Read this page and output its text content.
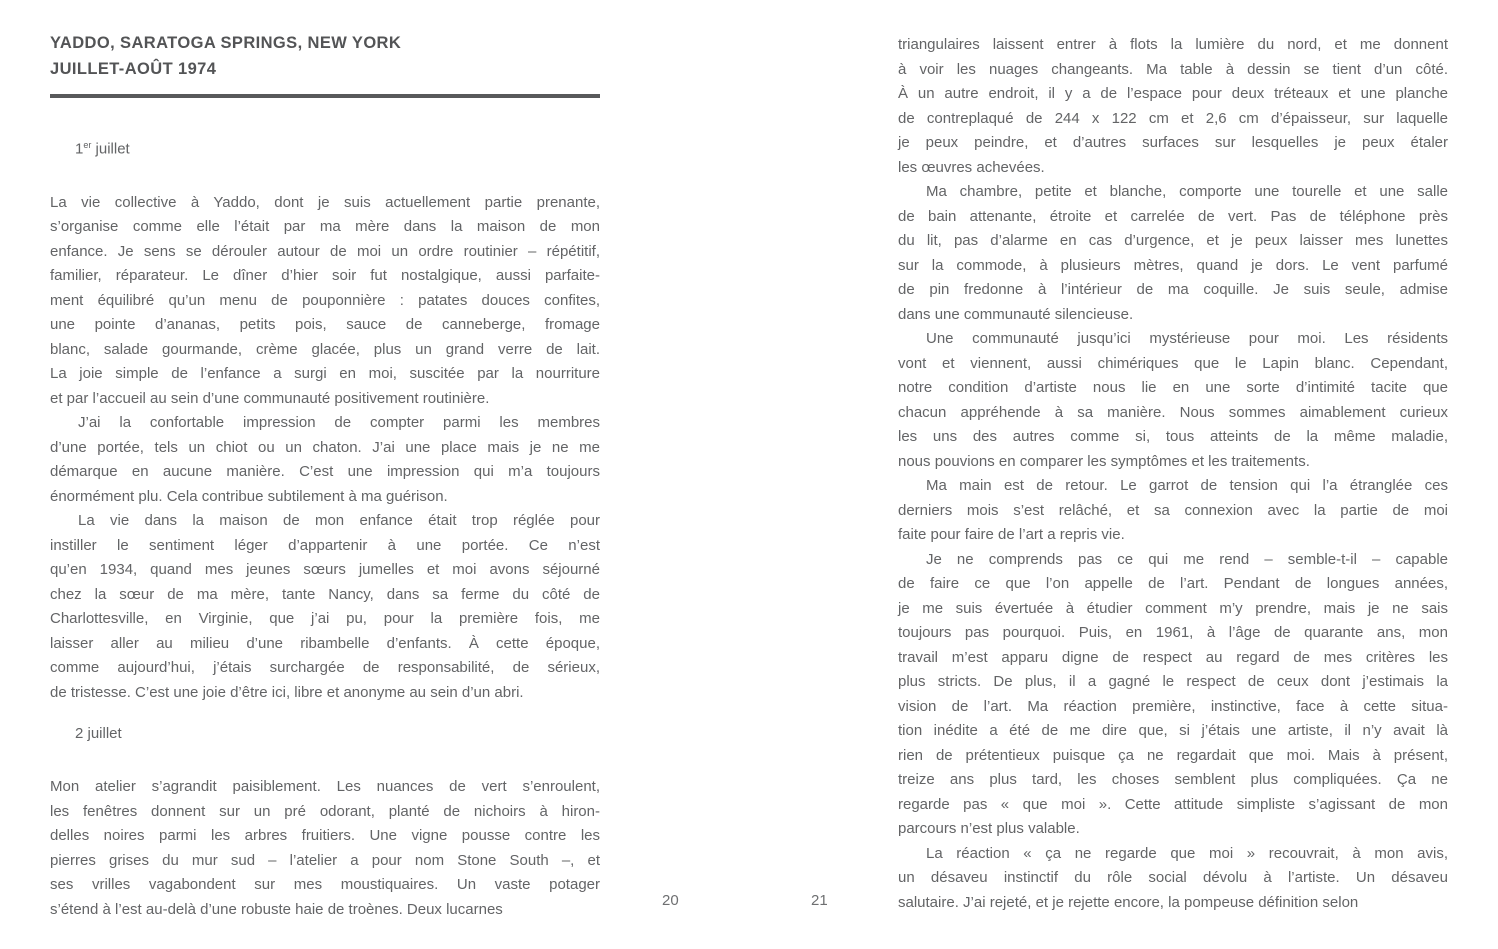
YADDO, SARATOGA SPRINGS, NEW YORK
JUILLET-AOÛT 1974
1er juillet
La vie collective à Yaddo, dont je suis actuellement partie prenante,
s’organise comme elle l’était par ma mère dans la maison de mon
enfance. Je sens se dérouler autour de moi un ordre routinier – répétitif,
familier, réparateur. Le dîner d’hier soir fut nostalgique, aussi parfaite-
ment équilibré qu’un menu de pouponnière : patates douces confites,
une pointe d’ananas, petits pois, sauce de canneberge, fromage
blanc, salade gourmande, crème glacée, plus un grand verre de lait.
La joie simple de l’enfance a surgi en moi, suscitée par la nourriture
et par l’accueil au sein d’une communauté positivement routinière.
J’ai la confortable impression de compter parmi les membres
d’une portée, tels un chiot ou un chaton. J’ai une place mais je ne me
démarque en aucune manière. C’est une impression qui m’a toujours
énormément plu. Cela contribue subtilement à ma guérison.
La vie dans la maison de mon enfance était trop réglée pour
instiller le sentiment léger d’appartenir à une portée. Ce n’est
qu’en 1934, quand mes jeunes sœurs jumelles et moi avons séjourné
chez la sœur de ma mère, tante Nancy, dans sa ferme du côté de
Charlottesville, en Virginie, que j’ai pu, pour la première fois, me
laisser aller au milieu d’une ribambelle d’enfants. À cette époque,
comme aujourd’hui, j’étais surchargée de responsabilité, de sérieux,
de tristesse. C’est une joie d’être ici, libre et anonyme au sein d’un abri.
2 juillet
Mon atelier s’agrandit paisiblement. Les nuances de vert s’enroulent,
les fenêtres donnent sur un pré odorant, planté de nichoirs à hiron-
delles noires parmi les arbres fruitiers. Une vigne pousse contre les
pierres grises du mur sud – l’atelier a pour nom Stone South –, et
ses vrilles vagabondent sur mes moustiquaires. Un vaste potager
s’étend à l’est au-delà d’une robuste haie de troènes. Deux lucarnes
triangulaires laissent entrer à flots la lumière du nord, et me donnent
à voir les nuages changeants. Ma table à dessin se tient d’un côté.
À un autre endroit, il y a de l’espace pour deux tréteaux et une planche
de contreplaqué de 244 x 122 cm et 2,6 cm d’épaisseur, sur laquelle
je peux peindre, et d’autres surfaces sur lesquelles je peux étaler
les œuvres achevées.
Ma chambre, petite et blanche, comporte une tourelle et une salle
de bain attenante, étroite et carrelée de vert. Pas de téléphone près
du lit, pas d’alarme en cas d’urgence, et je peux laisser mes lunettes
sur la commode, à plusieurs mètres, quand je dors. Le vent parfumé
de pin fredonne à l’intérieur de ma coquille. Je suis seule, admise
dans une communauté silencieuse.
Une communauté jusqu’ici mystérieuse pour moi. Les résidents
vont et viennent, aussi chimériques que le Lapin blanc. Cependant,
notre condition d’artiste nous lie en une sorte d’intimité tacite que
chacun appréhende à sa manière. Nous sommes aimablement curieux
les uns des autres comme si, tous atteints de la même maladie,
nous pouvions en comparer les symptômes et les traitements.
Ma main est de retour. Le garrot de tension qui l’a étranglée ces
derniers mois s’est relâché, et sa connexion avec la partie de moi
faite pour faire de l’art a repris vie.
Je ne comprends pas ce qui me rend – semble-t-il – capable
de faire ce que l’on appelle de l’art. Pendant de longues années,
je me suis évertuée à étudier comment m’y prendre, mais je ne sais
toujours pas pourquoi. Puis, en 1961, à l’âge de quarante ans, mon
travail m’est apparu digne de respect au regard de mes critères les
plus stricts. De plus, il a gagné le respect de ceux dont j’estimais la
vision de l’art. Ma réaction première, instinctive, face à cette situa-
tion inédite a été de me dire que, si j’étais une artiste, il n’y avait là
rien de prétentieux puisque ça ne regardait que moi. Mais à présent,
treize ans plus tard, les choses semblent plus compliquées. Ça ne
regarde pas « que moi ». Cette attitude simpliste s’agissant de mon
parcours n’est plus valable.
La réaction « ça ne regarde que moi » recouvrait, à mon avis,
un désaveu instinctif du rôle social dévolu à l’artiste. Un désaveu
salutaire. J’ai rejeté, et je rejette encore, la pompeuse définition selon
20	21
